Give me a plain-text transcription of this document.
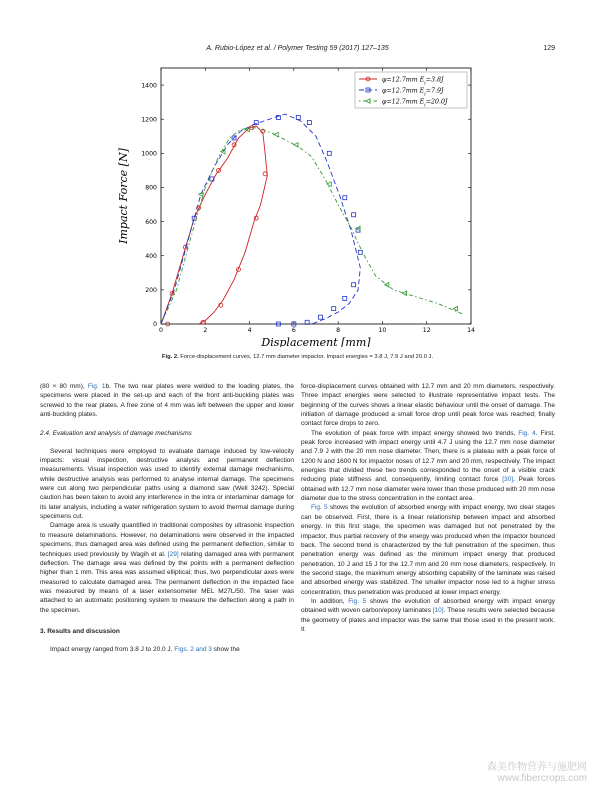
A. Rubio-López et al. / Polymer Testing 59 (2017) 127–135	129
0	2	4	6	8	10	12	14
0
200
400
600
800
1000
1200
1400
Displacement [mm]
Impact Force [N]
φ=12.7mm $E_i=3.8J$
φ=12.7mm $E_i=7.9J$
φ=12.7mm $E_i=20.0J$
Fig. 2. Force-displacement curves, 12.7 mm diameter impactor. Impact energies = 3.8 J, 7.9 J and 20.0 J.

(80 × 80 mm), Fig. 1b. The two rear plates were welded to the loading plates, the specimens were placed in the set-up and each of the front anti-buckling plates was screwed to the rear plates. A free zone of 4 mm was left between the upper and lower anti-buckling plates.

2.4. Evaluation and analysis of damage mechanisms

Several techniques were employed to evaluate damage induced by low-velocity impacts: visual inspection, destructive analysis and permanent deflection measurements. Visual inspection was used to identify external damage mechanisms, while destructive analysis was performed to analyse internal damage. The specimens were cut along two perpendicular paths using a diamond saw (Well 3242). Special caution has been taken to avoid any interference in the intra or interlaminar damage for its later analysis, including a water refrigeration system to avoid thermal damage during specimens cut.

Damage area is usually quantified in traditional composites by ultrasonic inspection to measure delaminations. However, no delaminations were observed in the impacted specimens, thus damaged area was defined using the permanent deflection, similar to techniques used previously by Wagih et al. [29] relating damaged area with permanent deflection. The damage area was defined by the points with a permanent deflection higher than 1 mm. This area was assumed elliptical; thus, two perpendicular axes were measured to calculate damaged area. The permanent deflection in the impacted face was measured by means of a laser extensometer MEL M27L/50. The laser was attached to an automatic positioning system to measure the deflection along a path in the specimen.

3. Results and discussion

Impact energy ranged from 3.8 J to 20.0 J. Figs. 2 and 3 show the

force-displacement curves obtained with 12.7 mm and 20 mm diameters, respectively. Three impact energies were selected to illustrate representative impact tests. The beginning of the curves shows a linear elastic behaviour until the onset of damage. The initiation of damage produced a small force drop until peak force was reached; finally contact force drops to zero.

The evolution of peak force with impact energy showed two trends, Fig. 4. First, peak force increased with impact energy until 4.7 J using the 12.7 mm nose diameter and 7.9 J with the 20 mm nose diameter. Then, there is a plateau with a peak force of 1200 N and 1600 N for impactor noses of 12.7 mm and 20 mm, respectively. The impact energies that divided these two trends corresponded to the onset of a visible crack reducing plate stiffness and, consequently, limiting contact force [30]. Peak forces obtained with 12.7 mm nose diameter were lower than those produced with 20 mm nose diameter due to the stress concentration in the contact area.

Fig. 5 shows the evolution of absorbed energy with impact energy, two clear stages can be observed. First, there is a linear relationship between impact and absorbed energy. In this first stage, the specimen was damaged but not penetrated by the impactor, thus partial recovery of the energy was produced when the impactor bounced back. The second trend is characterized by the full penetration of the specimen, thus penetration energy was defined as the minimum impact energy that produced penetration, 10 J and 15 J for the 12.7 mm and 20 mm nose diameters, respectively. In the second stage, the maximum energy absorbing capability of the laminate was raised and absorbed energy was stabilized. The smaller impactor nose led to a higher stress concentration, thus penetration was produced at lower impact energy.

In addition, Fig. 5 shows the evolution of absorbed energy with impact energy obtained with woven carbon/epoxy laminates [10]. These results were selected because the geometry of plates and impactor was the same that those used in the present work. It

森美作物营养与施肥网
www.fibercrops.com
